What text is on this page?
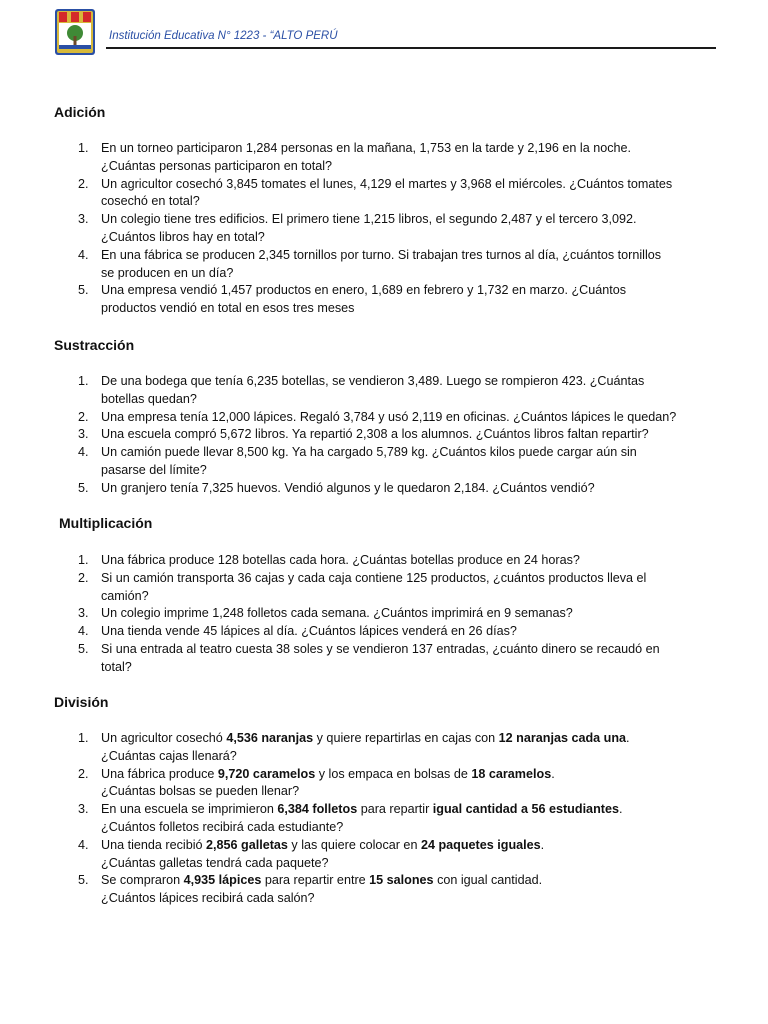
Institución Educativa N° 1223 - “ALTO PERÚ
Adición
1. En un torneo participaron 1,284 personas en la mañana, 1,753 en la tarde y 2,196 en la noche.
¿Cuántas personas participaron en total?
2. Un agricultor cosechó 3,845 tomates el lunes, 4,129 el martes y 3,968 el miércoles. ¿Cuántos tomates
cosechó en total?
3. Un colegio tiene tres edificios. El primero tiene 1,215 libros, el segundo 2,487 y el tercero 3,092.
¿Cuántos libros hay en total?
4. En una fábrica se producen 2,345 tornillos por turno. Si trabajan tres turnos al día, ¿cuántos tornillos
se producen en un día?
5. Una empresa vendió 1,457 productos en enero, 1,689 en febrero y 1,732 en marzo. ¿Cuántos
productos vendió en total en esos tres meses
Sustracción
1. De una bodega que tenía 6,235 botellas, se vendieron 3,489. Luego se rompieron 423. ¿Cuántas
botellas quedan?
2. Una empresa tenía 12,000 lápices. Regaló 3,784 y usó 2,119 en oficinas. ¿Cuántos lápices le quedan?
3. Una escuela compró 5,672 libros. Ya repartió 2,308 a los alumnos. ¿Cuántos libros faltan repartir?
4. Un camión puede llevar 8,500 kg. Ya ha cargado 5,789 kg. ¿Cuántos kilos puede cargar aún sin
pasarse del límite?
5. Un granjero tenía 7,325 huevos. Vendió algunos y le quedaron 2,184. ¿Cuántos vendió?
Multiplicación
1. Una fábrica produce 128 botellas cada hora. ¿Cuántas botellas produce en 24 horas?
2. Si un camión transporta 36 cajas y cada caja contiene 125 productos, ¿cuántos productos lleva el
camión?
3. Un colegio imprime 1,248 folletos cada semana. ¿Cuántos imprimirá en 9 semanas?
4. Una tienda vende 45 lápices al día. ¿Cuántos lápices venderá en 26 días?
5. Si una entrada al teatro cuesta 38 soles y se vendieron 137 entradas, ¿cuánto dinero se recaudó en
total?
División
1. Un agricultor cosechó 4,536 naranjas y quiere repartirlas en cajas con 12 naranjas cada una.
¿Cuántas cajas llenará?
2. Una fábrica produce 9,720 caramelos y los empaca en bolsas de 18 caramelos.
¿Cuántas bolsas se pueden llenar?
3. En una escuela se imprimieron 6,384 folletos para repartir igual cantidad a 56 estudiantes.
¿Cuántos folletos recibirá cada estudiante?
4. Una tienda recibió 2,856 galletas y las quiere colocar en 24 paquetes iguales.
¿Cuántas galletas tendrá cada paquete?
5. Se compraron 4,935 lápices para repartir entre 15 salones con igual cantidad.
¿Cuántos lápices recibirá cada salón?
